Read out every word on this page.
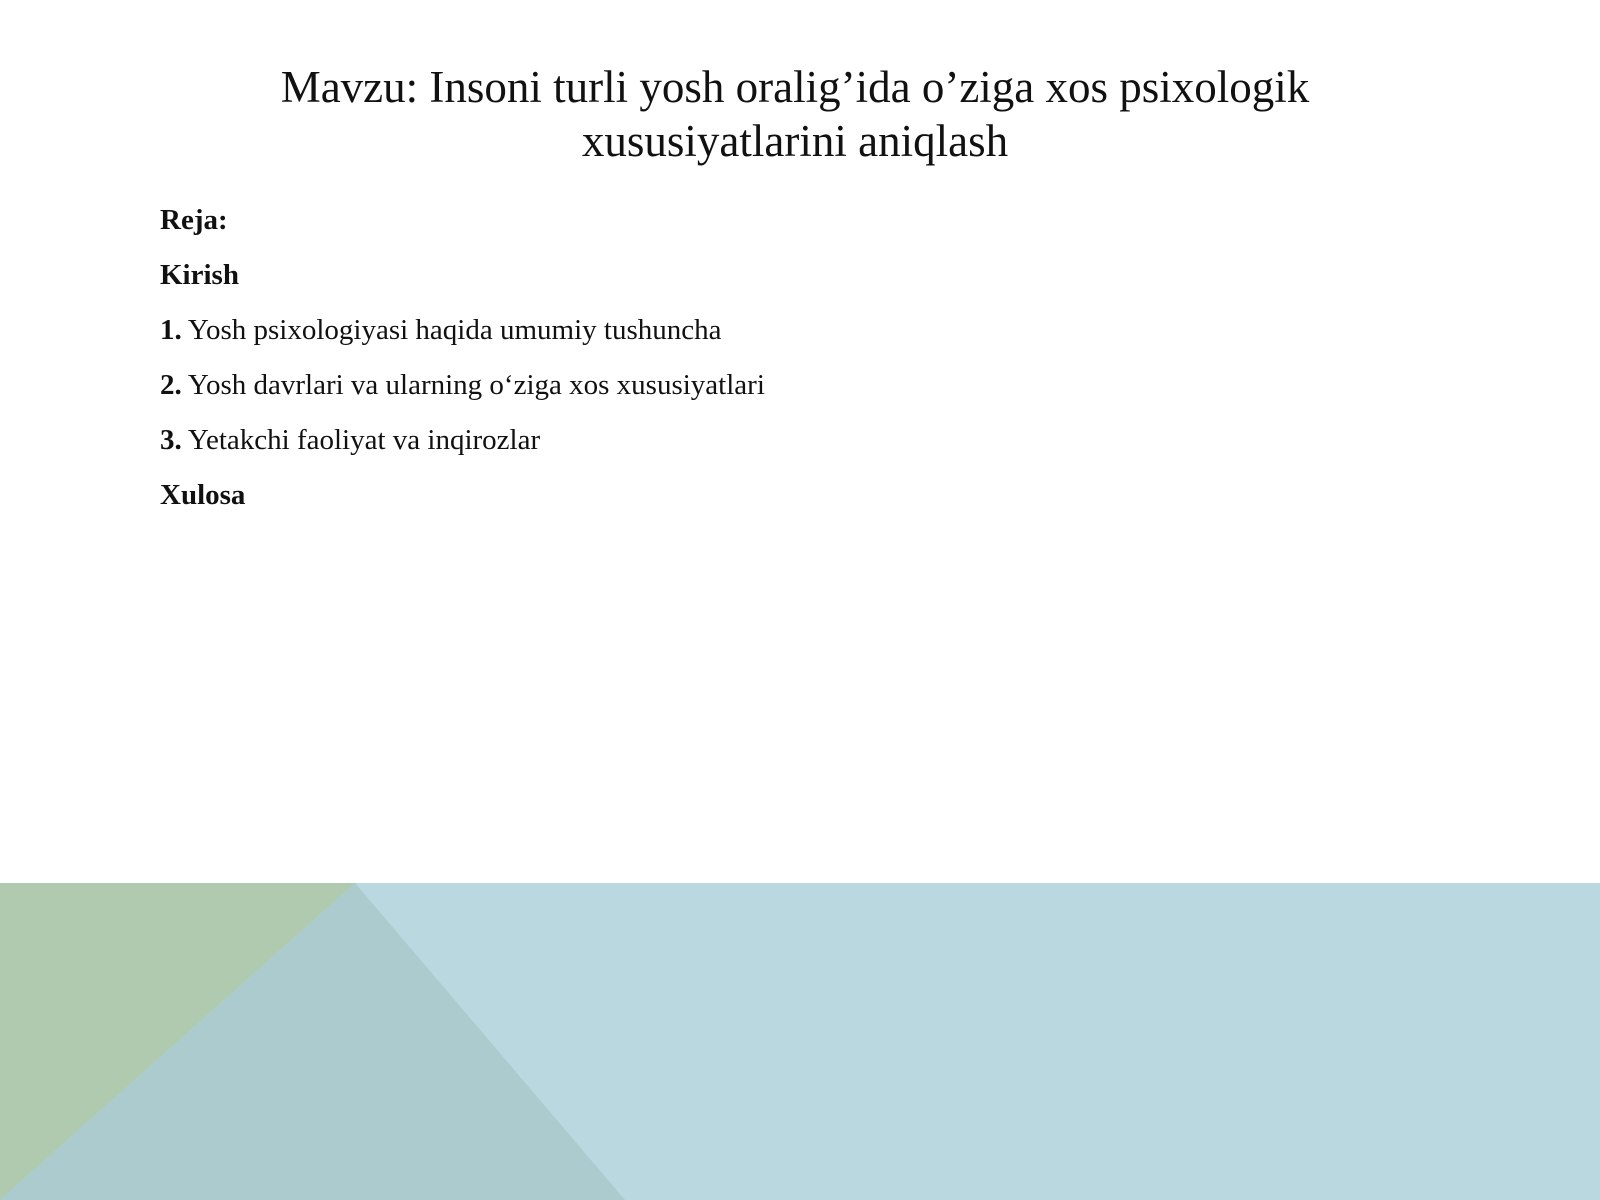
Mavzu: Insoni turli yosh oralig’ida o’ziga xos psixologik
xususiyatlarini aniqlash
Reja:
Kirish
1. Yosh psixologiyasi haqida umumiy tushuncha
2. Yosh davrlari va ularning o‘ziga xos xususiyatlari
3. Yetakchi faoliyat va inqirozlar
Xulosa
